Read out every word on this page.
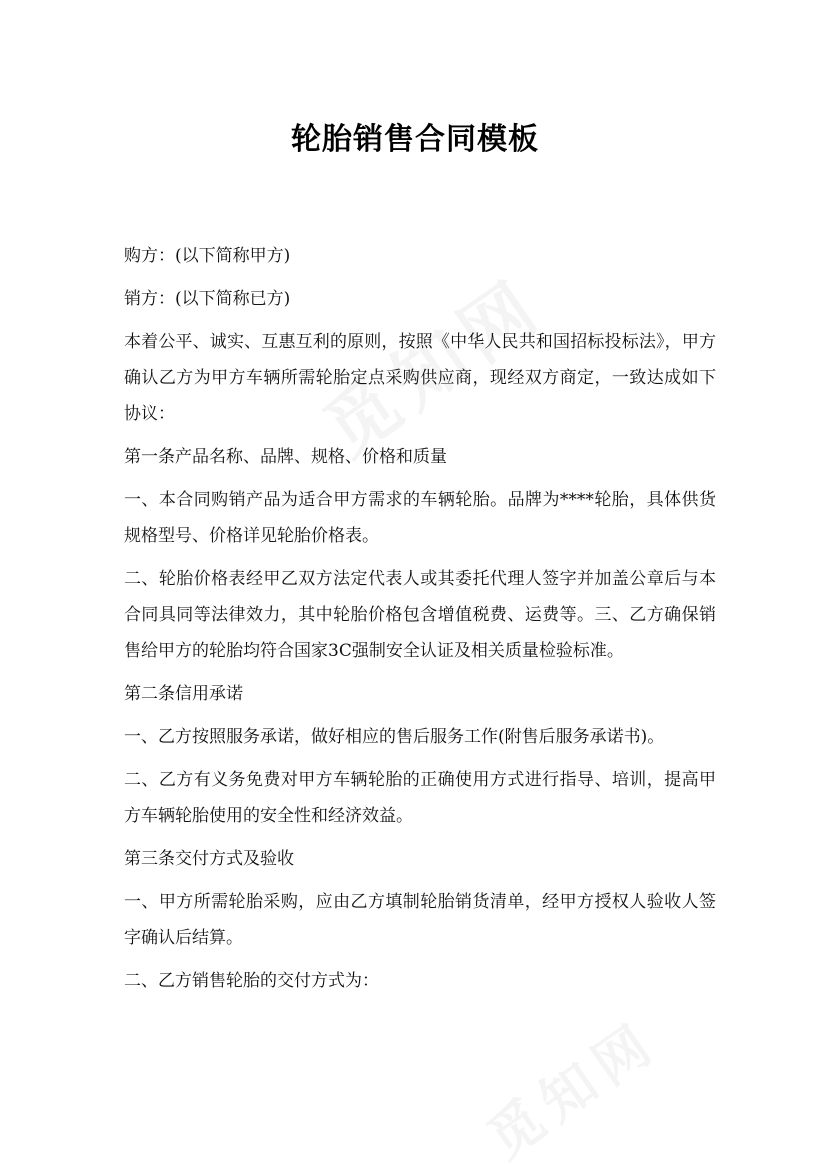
轮胎销售合同模板

购方：(以下简称甲方)

销方：(以下简称已方)

本着公平、诚实、互惠互利的原则，按照《中华人民共和国招标投标法》，甲方确认乙方为甲方车辆所需轮胎定点采购供应商，现经双方商定，一致达成如下协议：

第一条产品名称、品牌、规格、价格和质量

一、本合同购销产品为适合甲方需求的车辆轮胎。品牌为****轮胎，具体供货规格型号、价格详见轮胎价格表。

二、轮胎价格表经甲乙双方法定代表人或其委托代理人签字并加盖公章后与本合同具同等法律效力，其中轮胎价格包含增值税费、运费等。三、乙方确保销售给甲方的轮胎均符合国家3C强制安全认证及相关质量检验标准。

第二条信用承诺

一、乙方按照服务承诺，做好相应的售后服务工作(附售后服务承诺书)。

二、乙方有义务免费对甲方车辆轮胎的正确使用方式进行指导、培训，提高甲方车辆轮胎使用的安全性和经济效益。

第三条交付方式及验收

一、甲方所需轮胎采购，应由乙方填制轮胎销货清单，经甲方授权人验收人签字确认后结算。

二、乙方销售轮胎的交付方式为：
